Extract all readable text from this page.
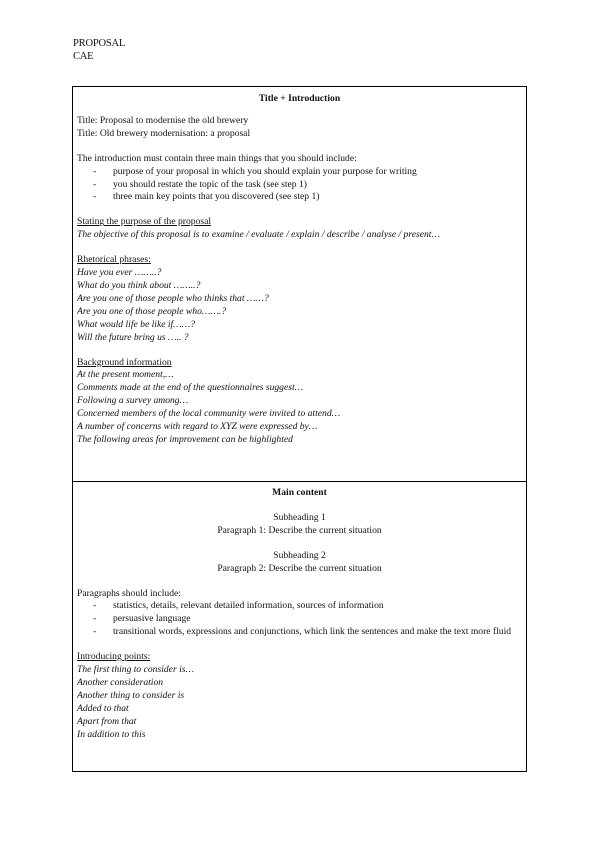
PROPOSAL
CAE

Title + Introduction

Title: Proposal to modernise the old brewery

Title: Old brewery modernisation: a proposal

The introduction must contain three main things that you should include:

- purpose of your proposal in which you should explain your purpose for writing
- you should restate the topic of the task (see step 1)
- three main key points that you discovered (see step 1)

Stating the purpose of the proposal

The objective of this proposal is to examine / evaluate / explain / describe / analyse / present…

Rhetorical phrases:

Have you ever ……..?

What do you think about ……..?

Are you one of those people who thinks that ……?

Are you one of those people who…….?

What would life be like if……?

Will the future bring us ….. ?

Background information

At the present moment,…

Comments made at the end of the questionnaires suggest…

Following a survey among…

Concerned members of the local community were invited to attend…

A number of concerns with regard to XYZ were expressed by…

The following areas for improvement can be highlighted

Main content

Subheading 1

Paragraph 1: Describe the current situation

Subheading 2

Paragraph 2: Describe the current situation

Paragraphs should include:

- statistics, details, relevant detailed information, sources of information
- persuasive language
- transitional words, expressions and conjunctions, which link the sentences and make the text more fluid

Introducing points:

The first thing to consider is…

Another consideration

Another thing to consider is

Added to that

Apart from that

In addition to this
